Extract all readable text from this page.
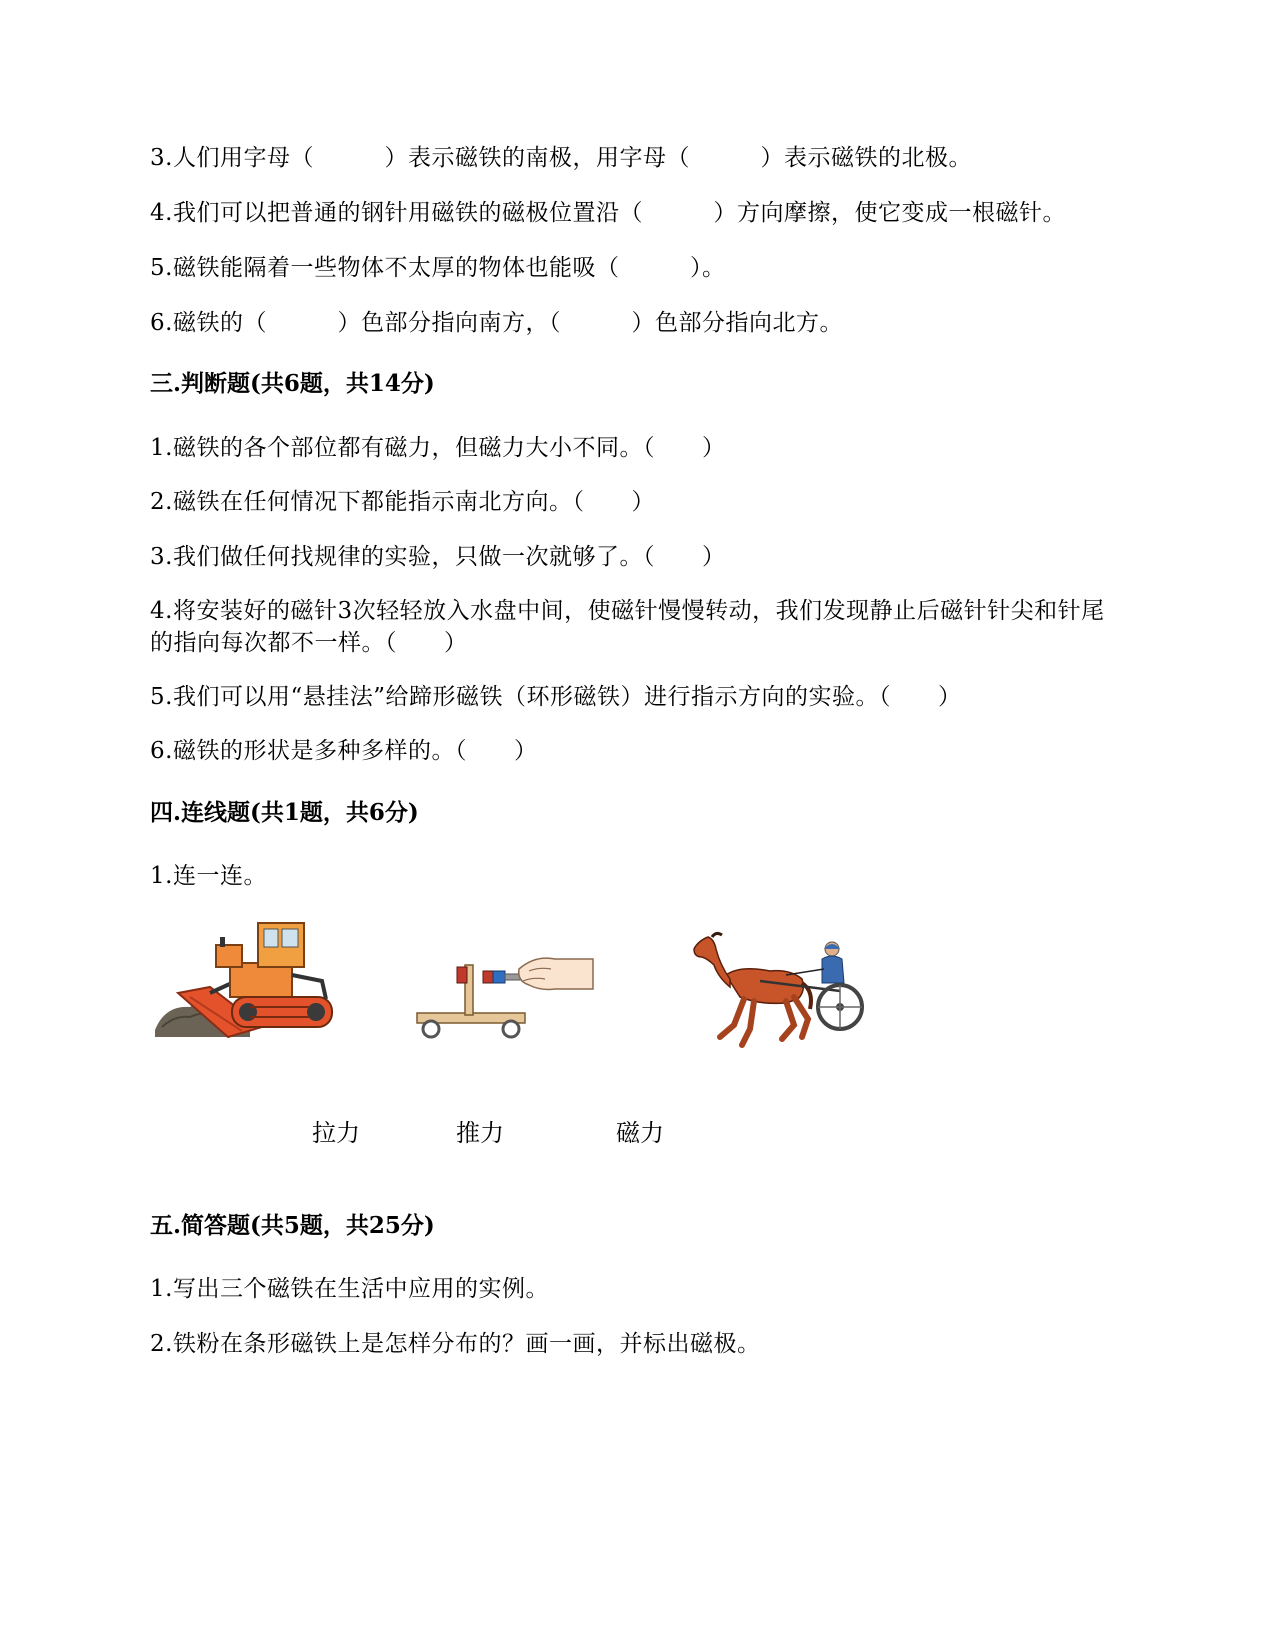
3.人们用字母（　　　）表示磁铁的南极，用字母（　　　）表示磁铁的北极。
4.我们可以把普通的钢针用磁铁的磁极位置沿（　　　）方向摩擦，使它变成一根磁针。
5.磁铁能隔着一些物体不太厚的物体也能吸（　　　）。
6.磁铁的（　　　）色部分指向南方，（　　　）色部分指向北方。
三.判断题(共6题，共14分)
1.磁铁的各个部位都有磁力，但磁力大小不同。（　　）
2.磁铁在任何情况下都能指示南北方向。（　　）
3.我们做任何找规律的实验，只做一次就够了。（　　）
4.将安装好的磁针3次轻轻放入水盘中间，使磁针慢慢转动，我们发现静止后磁针针尖和针尾的指向每次都不一样。（　　）
5.我们可以用“悬挂法”给蹄形磁铁（环形磁铁）进行指示方向的实验。（　　）
6.磁铁的形状是多种多样的。（　　）
四.连线题(共1题，共6分)
1.连一连。
拉力	推力	磁力
五.简答题(共5题，共25分)
1.写出三个磁铁在生活中应用的实例。
2.铁粉在条形磁铁上是怎样分布的？画一画，并标出磁极。
